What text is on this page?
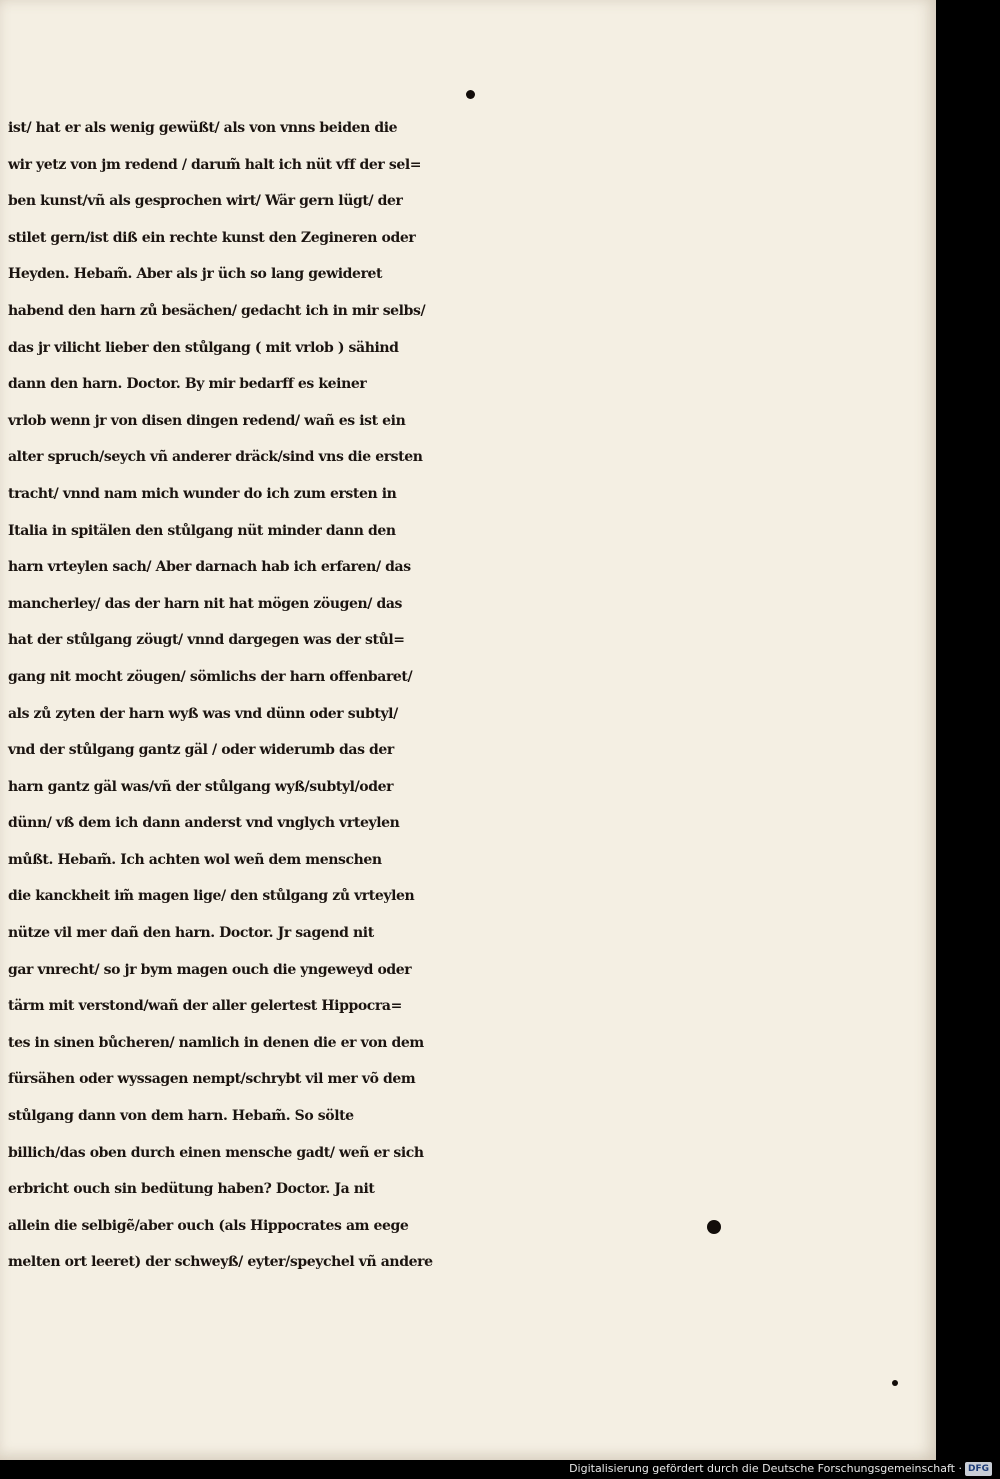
ist/ hat er als wenig gewüßt/ als von vnns beiden die
wir yetz von jm redend / darum̃ halt ich nüt vff der sel=
ben kunst/vñ als gesprochen wirt/ Wär gern lügt/ der
stilet gern/ist diß ein rechte kunst den Zegineren oder
Heyden. Hebam̃. Aber als jr üch so lang gewideret
habend den harn zů besächen/ gedacht ich in mir selbs/
das jr vilicht lieber den stůlgang ( mit vrlob ) sähind
dann den harn. Doctor. By mir bedarff es keiner
vrlob wenn jr von disen dingen redend/ wañ es ist ein
alter spruch/seych vñ anderer dräck/sind vns die ersten
tracht/ vnnd nam mich wunder do ich zum ersten in
Italia in spitälen den stůlgang nüt minder dann den
harn vrteylen sach/ Aber darnach hab ich erfaren/ das
mancherley/ das der harn nit hat mögen zöugen/ das
hat der stůlgang zöugt/ vnnd dargegen was der stůl=
gang nit mocht zöugen/ sömlichs der harn offenbaret/
als zů zyten der harn wyß was vnd dünn oder subtyl/
vnd der stůlgang gantz gäl / oder widerumb das der
harn gantz gäl was/vñ der stůlgang wyß/subtyl/oder
dünn/ vß dem ich dann anderst vnd vnglych vrteylen
můßt. Hebam̃. Ich achten wol weñ dem menschen
die kanckheit im̃ magen lige/ den stůlgang zů vrteylen
nütze vil mer dañ den harn. Doctor. Jr sagend nit
gar vnrecht/ so jr bym magen ouch die yngeweyd oder
tärm mit verstond/wañ der aller gelertest Hippocra=
tes in sinen bůcheren/ namlich in denen die er von dem
fürsähen oder wyssagen nempt/schrybt vil mer võ dem
stůlgang dann von dem harn. Hebam̃. So sölte
billich/das oben durch einen mensche gadt/ weñ er sich
erbricht ouch sin bedütung haben? Doctor. Ja nit
allein die selbigẽ/aber ouch (als Hippocrates am eege
melten ort leeret) der schweyß/ eyter/speychel vñ andere
Digitalisierung gefördert durch die Deutsche Forschungsgemeinschaft · DFG
